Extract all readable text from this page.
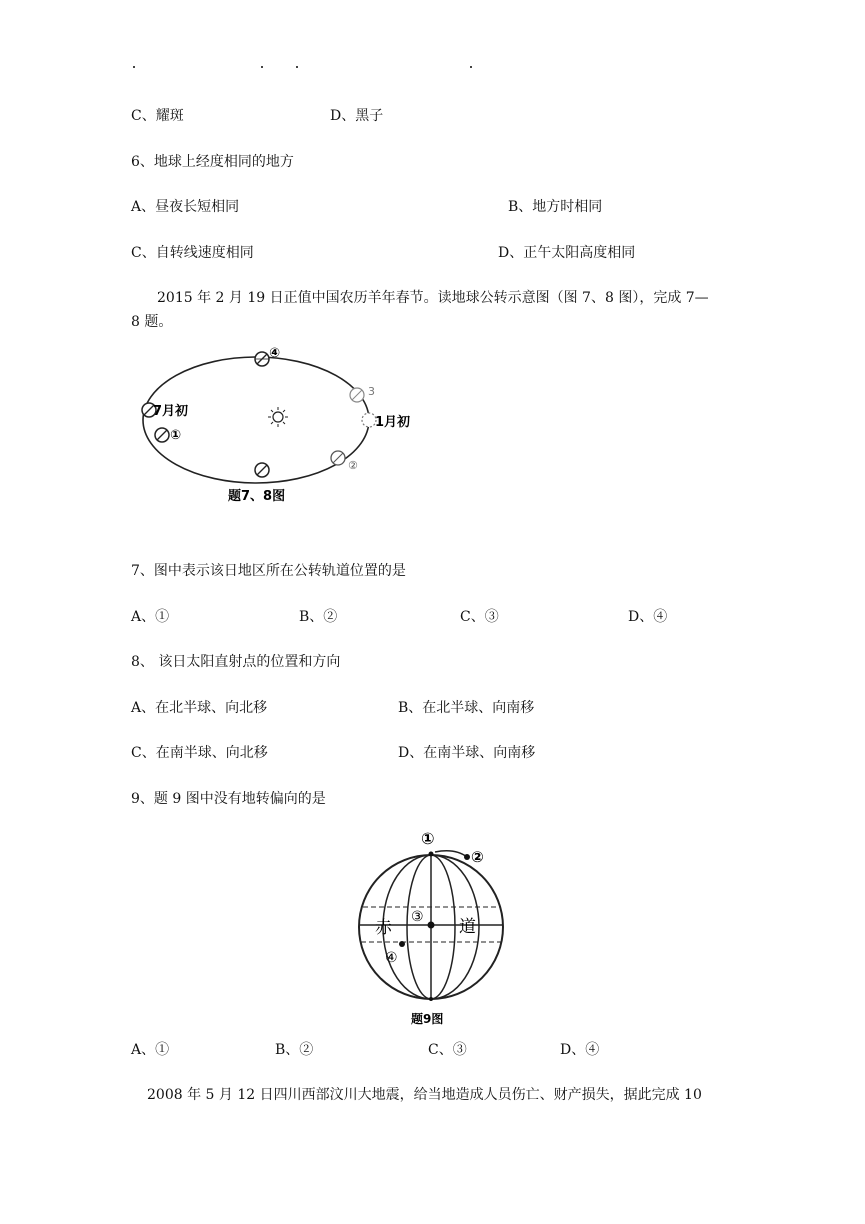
C、耀斑	D、黑子
6、地球上经度相同的地方
A、昼夜长短相同	B、地方时相同
C、自转线速度相同	D、正午太阳高度相同
2015 年 2 月 19 日正值中国农历羊年春节。读地球公转示意图（图 7、8 图），完成 7—
8 题。
④
7月初
①
②
3
1月初
题7、8图
7、图中表示该日地区所在公转轨道位置的是
A、①	B、②	C、③	D、④
8、 该日太阳直射点的位置和方向
A、在北半球、向北移	B、在北半球、向南移
C、在南半球、向北移	D、在南半球、向南移
9、题 9 图中没有地转偏向的是
②
①
③
④
赤	道
题9图
A、①	B、②	C、③	D、④
2008 年 5 月 12 日四川西部汶川大地震，给当地造成人员伤亡、财产损失，据此完成 10
